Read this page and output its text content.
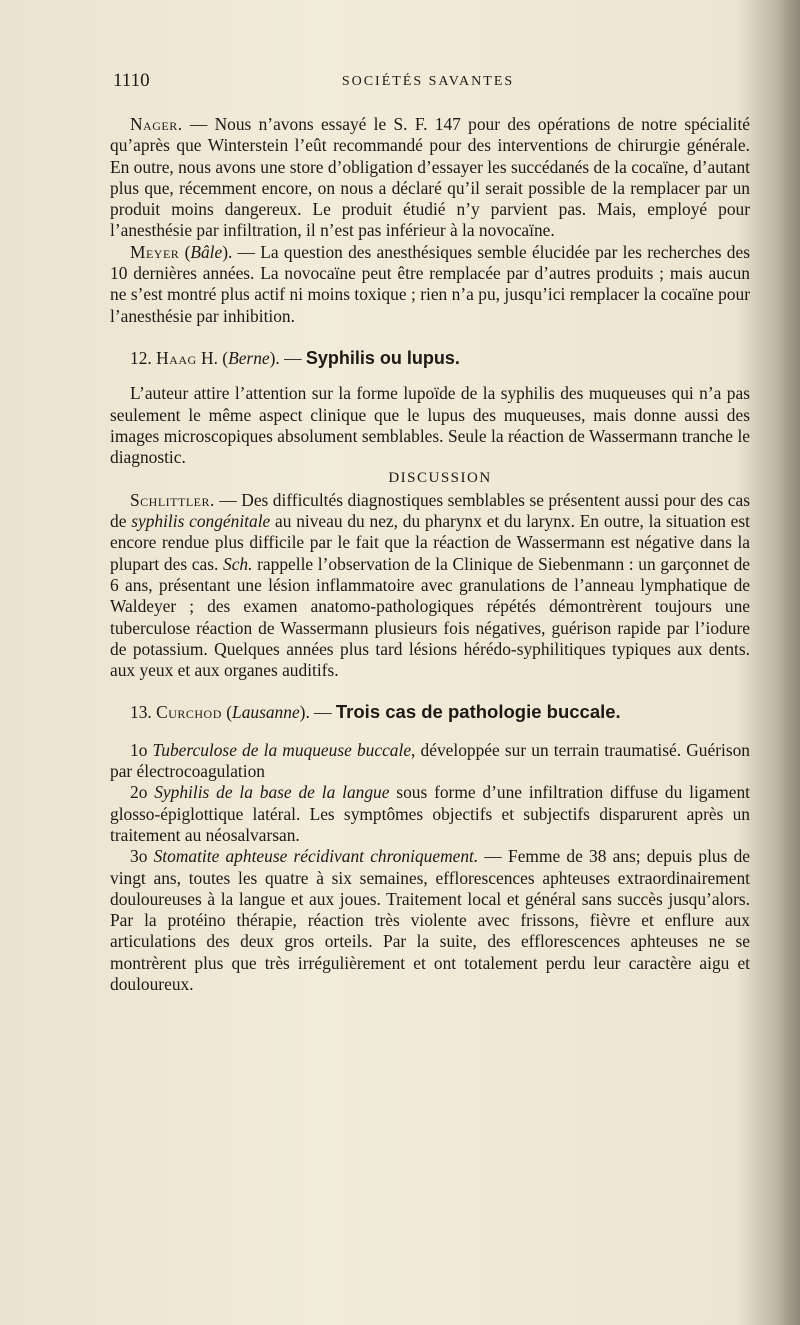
1110	SOCIÉTÉS SAVANTES

Nager. — Nous n’avons essayé le S. F. 147 pour des opérations de notre spécialité qu’après que Winterstein l’eût recommandé pour des interventions de chirurgie générale. En outre, nous avons une store d’obligation d’essayer les succédanés de la cocaïne, d’autant plus que, récemment encore, on nous a déclaré qu’il serait possible de la remplacer par un produit moins dangereux. Le produit étudié n’y parvient pas. Mais, employé pour l’anesthésie par infiltration, il n’est pas inférieur à la novocaïne.

Meyer (Bâle). — La question des anesthésiques semble élucidée par les recherches des 10 dernières années. La novocaïne peut être remplacée par d’autres produits ; mais aucun ne s’est montré plus actif ni moins toxique ; rien n’a pu, jusqu’ici remplacer la cocaïne pour l’anesthésie par inhibition.

12. Haag H. (Berne). — Syphilis ou lupus.

L’auteur attire l’attention sur la forme lupoïde de la syphilis des muqueuses qui n’a pas seulement le même aspect clinique que le lupus des muqueuses, mais donne aussi des images microscopiques absolument semblables. Seule la réaction de Wassermann tranche le diagnostic.

DISCUSSION

Schlittler. — Des difficultés diagnostiques semblables se présentent aussi pour des cas de syphilis congénitale au niveau du nez, du pharynx et du larynx. En outre, la situation est encore rendue plus difficile par le fait que la réaction de Wassermann est négative dans la plupart des cas. Sch. rappelle l’observation de la Clinique de Siebenmann : un garçonnet de 6 ans, présentant une lésion inflammatoire avec granulations de l’anneau lymphatique de Waldeyer ; des examen anatomo-pathologiques répétés démontrèrent toujours une tuberculose réaction de Wassermann plusieurs fois négatives, guérison rapide par l’iodure de potassium. Quelques années plus tard lésions hérédo-syphilitiques typiques aux dents. aux yeux et aux organes auditifs.

13. Curchod (Lausanne). — Trois cas de pathologie buccale.

1o Tuberculose de la muqueuse buccale, développée sur un terrain traumatisé. Guérison par électrocoagulation

2o Syphilis de la base de la langue sous forme d’une infiltration diffuse du ligament glosso-épiglottique latéral. Les symptômes objectifs et subjectifs disparurent après un traitement au néosalvarsan.

3o Stomatite aphteuse récidivant chroniquement. — Femme de 38 ans; depuis plus de vingt ans, toutes les quatre à six semaines, efflorescences aphteuses extraordinairement douloureuses à la langue et aux joues. Traitement local et général sans succès jusqu’alors. Par la protéino thérapie, réaction très violente avec frissons, fièvre et enflure aux articulations des deux gros orteils. Par la suite, des efflorescences aphteuses ne se montrèrent plus que très irrégulièrement et ont totalement perdu leur caractère aigu et douloureux.
